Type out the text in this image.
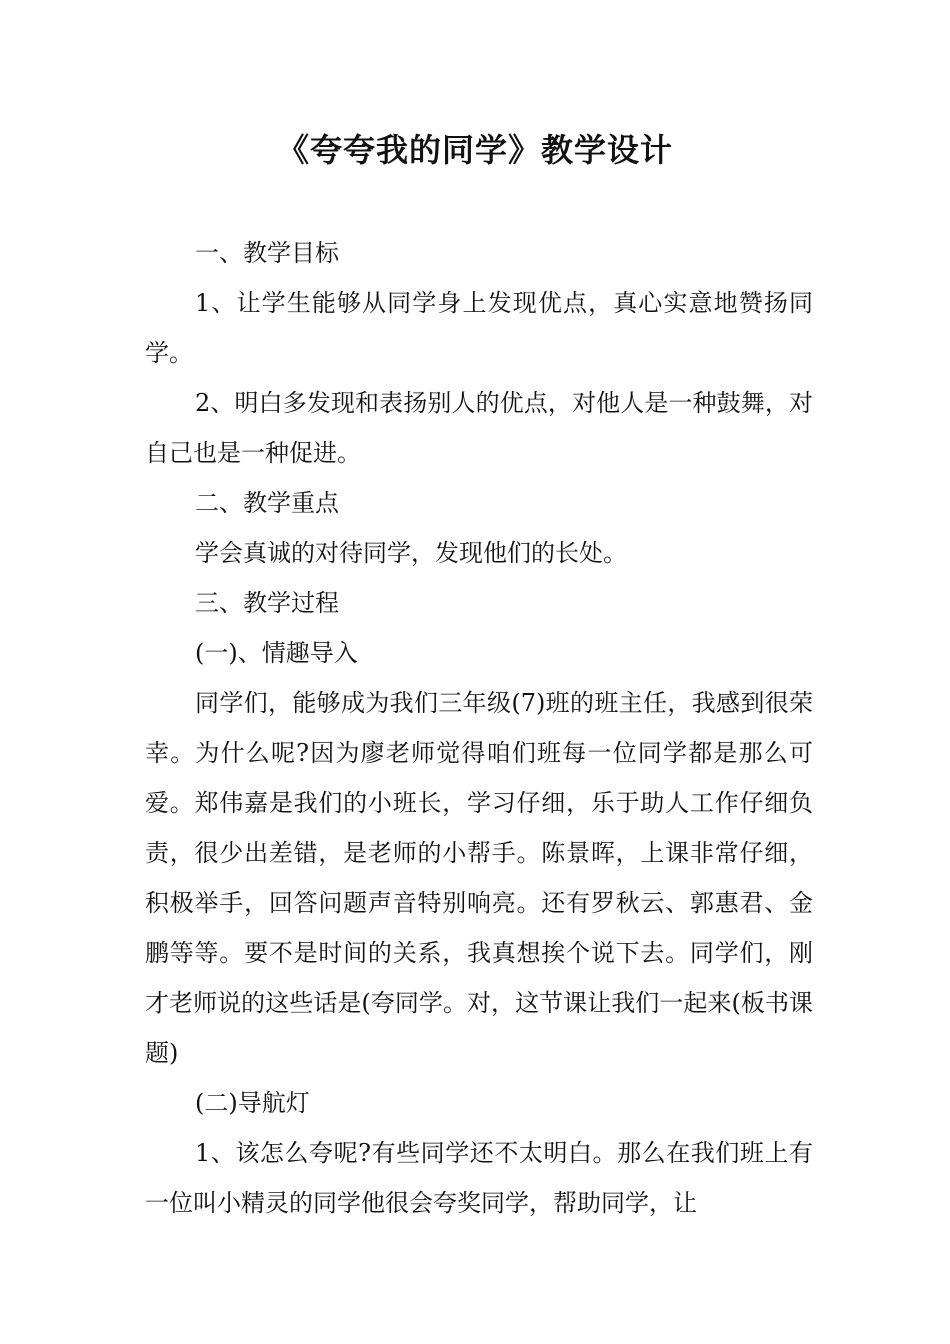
《夸夸我的同学》教学设计

一、教学目标

1、让学生能够从同学身上发现优点，真心实意地赞扬同学。

2、明白多发现和表扬别人的优点，对他人是一种鼓舞，对自己也是一种促进。

二、教学重点

学会真诚的对待同学，发现他们的长处。

三、教学过程

(一)、情趣导入

同学们，能够成为我们三年级(7)班的班主任，我感到很荣幸。为什么呢?因为廖老师觉得咱们班每一位同学都是那么可爱。郑伟嘉是我们的小班长，学习仔细，乐于助人工作仔细负责，很少出差错，是老师的小帮手。陈景晖，上课非常仔细，积极举手，回答问题声音特别响亮。还有罗秋云、郭惠君、金鹏等等。要不是时间的关系，我真想挨个说下去。同学们，刚才老师说的这些话是(夸同学。对，这节课让我们一起来(板书课题)

(二)导航灯

1、该怎么夸呢?有些同学还不太明白。那么在我们班上有一位叫小精灵的同学他很会夸奖同学，帮助同学，让
